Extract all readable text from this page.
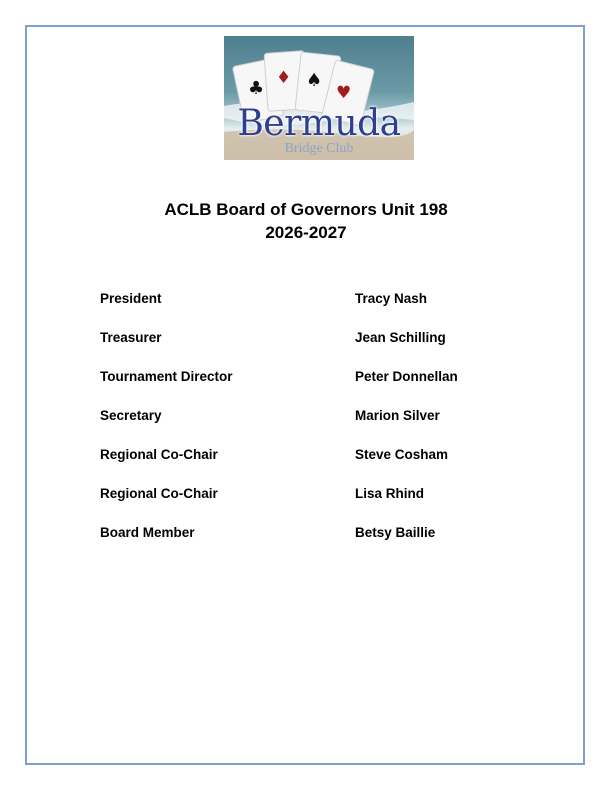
♣ ♦ ♠
♥
Bermuda
Bridge Club
ACLB Board of Governors Unit 198
2026-2027
President	Tracy Nash
Treasurer	Jean Schilling
Tournament Director	Peter Donnellan
Secretary	Marion Silver
Regional Co-Chair	Steve Cosham
Regional Co-Chair	Lisa Rhind
Board Member	Betsy Baillie
